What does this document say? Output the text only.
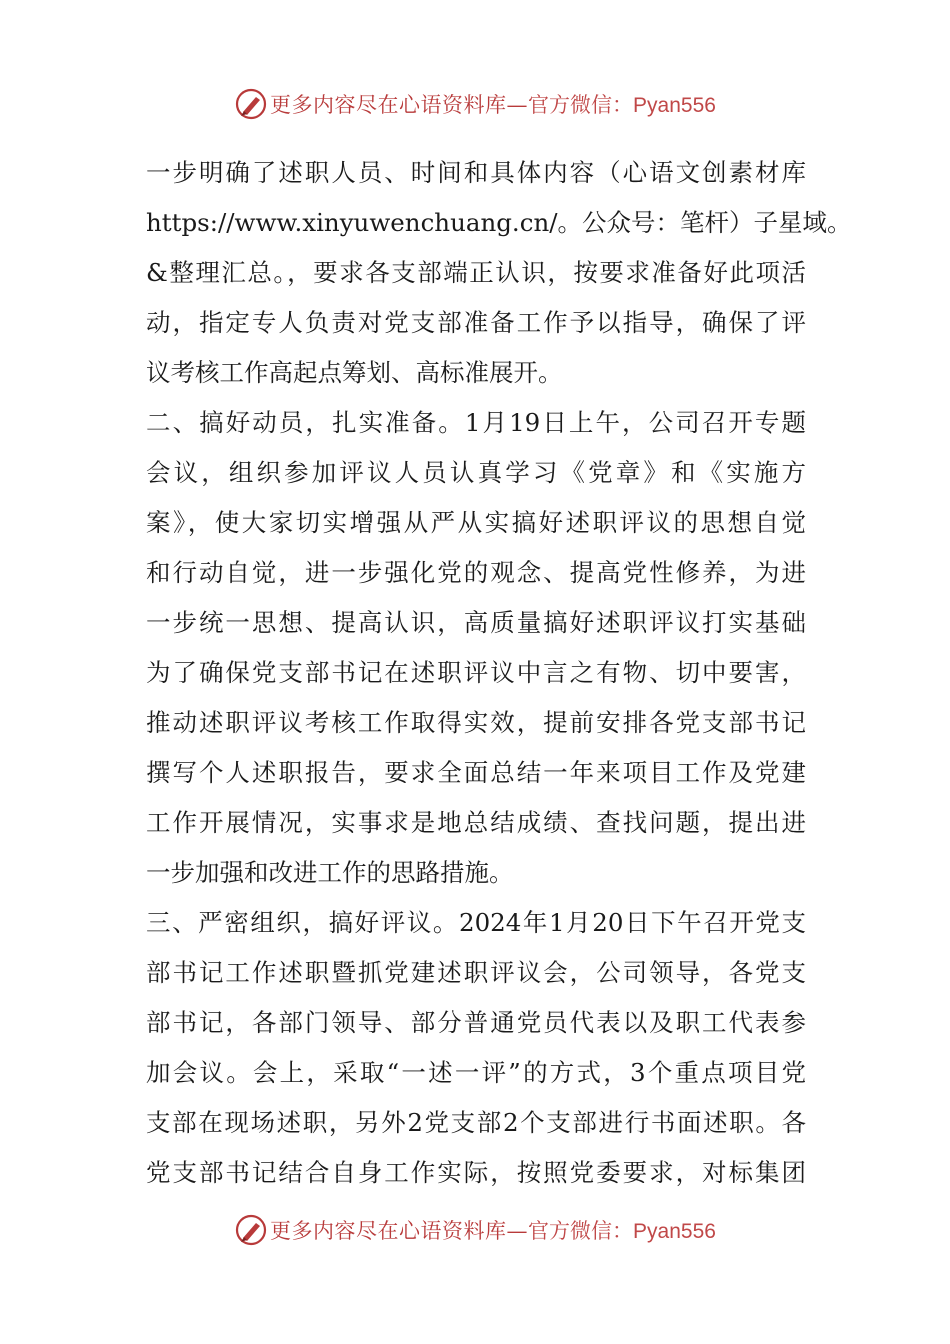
更多内容尽在心语资料库— 官方微信：Pyan556
一步明确了述职人员、时间和具体内容（心语文创素材库
https://www.xinyuwenchuang.cn/。公众号：笔杆）子星域。
&整理汇总。，要求各支部端正认识，按要求准备好此项活
动，指定专人负责对党支部准备工作予以指导，确保了评
议考核工作高起点筹划、高标准展开。
二、搞好动员，扎实准备。1月19日上午，公司召开专题
会议，组织参加评议人员认真学习《党章》和《实施方
案》，使大家切实增强从严从实搞好述职评议的思想自觉
和行动自觉，进一步强化党的观念、提高党性修养，为进
一步统一思想、提高认识，高质量搞好述职评议打实基础
为了确保党支部书记在述职评议中言之有物、切中要害，
推动述职评议考核工作取得实效，提前安排各党支部书记
撰写个人述职报告，要求全面总结一年来项目工作及党建
工作开展情况，实事求是地总结成绩、查找问题，提出进
一步加强和改进工作的思路措施。
三、严密组织，搞好评议。2024年1月20日下午召开党支
部书记工作述职暨抓党建述职评议会，公司领导，各党支
部书记，各部门领导、部分普通党员代表以及职工代表参
加会议。会上，采取“一述一评”的方式，3个重点项目党
支部在现场述职，另外2党支部2个支部进行书面述职。各
党支部书记结合自身工作实际，按照党委要求，对标集团
更多内容尽在心语资料库— 官方微信：Pyan556
